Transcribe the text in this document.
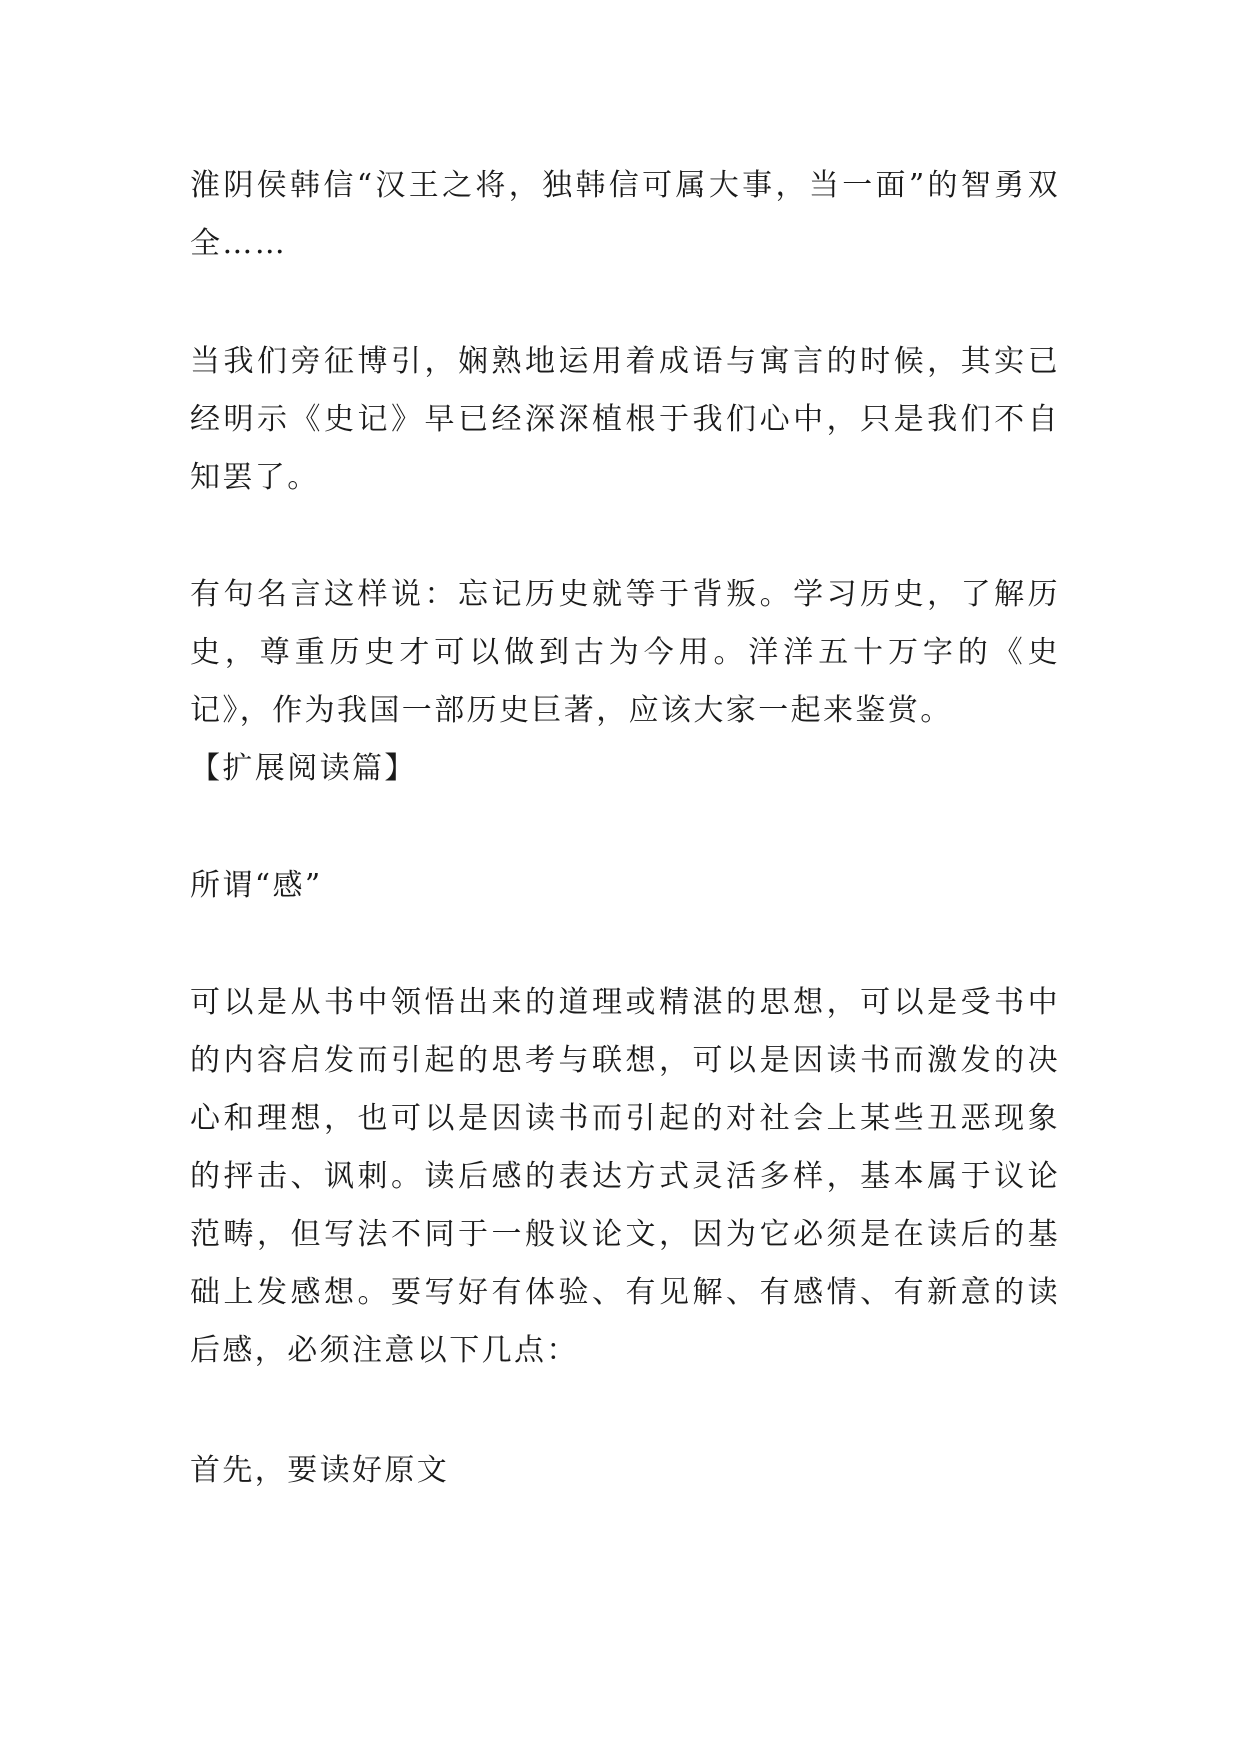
淮阴侯韩信“汉王之将，独韩信可属大事，当一面”的智勇双全……

当我们旁征博引，娴熟地运用着成语与寓言的时候，其实已经明示《史记》早已经深深植根于我们心中，只是我们不自知罢了。

有句名言这样说：忘记历史就等于背叛。学习历史，了解历史，尊重历史才可以做到古为今用。洋洋五十万字的《史记》，作为我国一部历史巨著，应该大家一起来鉴赏。

【扩展阅读篇】

所谓“感”

可以是从书中领悟出来的道理或精湛的思想，可以是受书中的内容启发而引起的思考与联想，可以是因读书而激发的决心和理想，也可以是因读书而引起的对社会上某些丑恶现象的抨击、讽刺。读后感的表达方式灵活多样，基本属于议论范畴，但写法不同于一般议论文，因为它必须是在读后的基础上发感想。要写好有体验、有见解、有感情、有新意的读后感，必须注意以下几点：

首先，要读好原文
